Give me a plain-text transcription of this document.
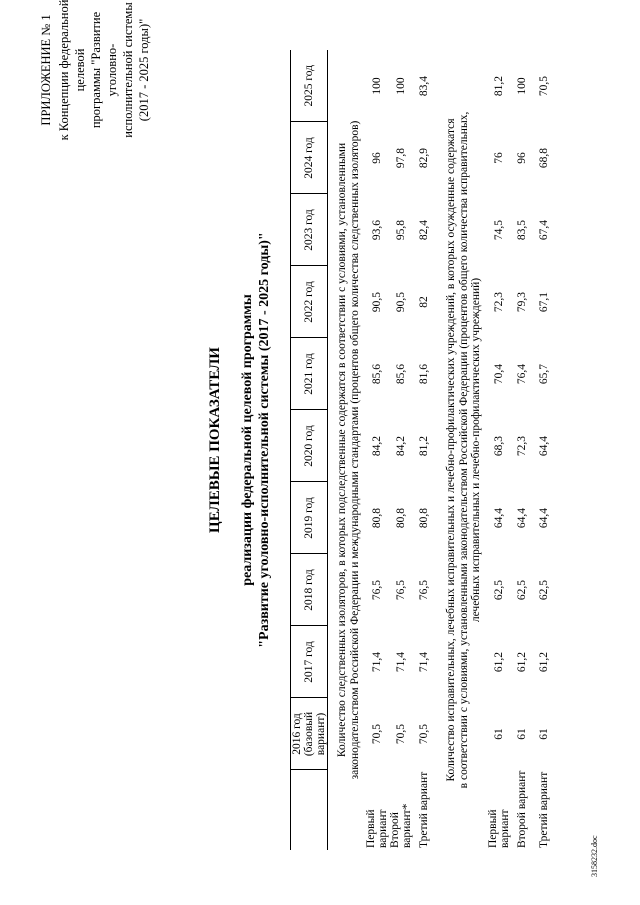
ПРИЛОЖЕНИЕ № 1 к Концепции федеральной целевой программы "Развитие уголовно- исполнительной системы (2017 - 2025 годы)"
ЦЕЛЕВЫЕ ПОКАЗАТЕЛИ реализации федеральной целевой программы "Развитие уголовно-исполнительной системы (2017 - 2025 годы)"

	2016 год (базовый вариант)	2017 год	2018 год	2019 год	2020 год	2021 год	2022 год	2023 год	2024 год	2025 год

Количество следственных изоляторов, в которых подследственные содержатся в соответствии с условиями, установленными законодательством Российской Федерации и международными стандартами (процентов общего количества следственных изоляторов)										

Первый вариант	70,5	71,4	76,5	80,8	84,2	85,6	90,5	93,6	96	100
Второй вариант*	70,5	71,4	76,5	80,8	84,2	85,6	90,5	95,8	97,8	100
Третий вариант	70,5	71,4	76,5	80,8	81,2	81,6	82	82,4	82,9	83,4

Количество исправительных, лечебных исправительных и лечебно-профилактических учреждений, в которых осужденные содержатся в соответствии с условиями, установленными законодательством Российской Федерации (процентов общего количества исправительных, лечебных исправительных и лечебно-профилактических учреждений)										

Первый вариант	61	61,2	62,5	64,4	68,3	70,4	72,3	74,5	76	81,2
Второй вариант	61	61,2	62,5	64,4	72,3	76,4	79,3	83,5	96	100
Третий вариант	61	61,2	62,5	64,4	64,4	65,7	67,1	67,4	68,8	70,5
3158232.doc
